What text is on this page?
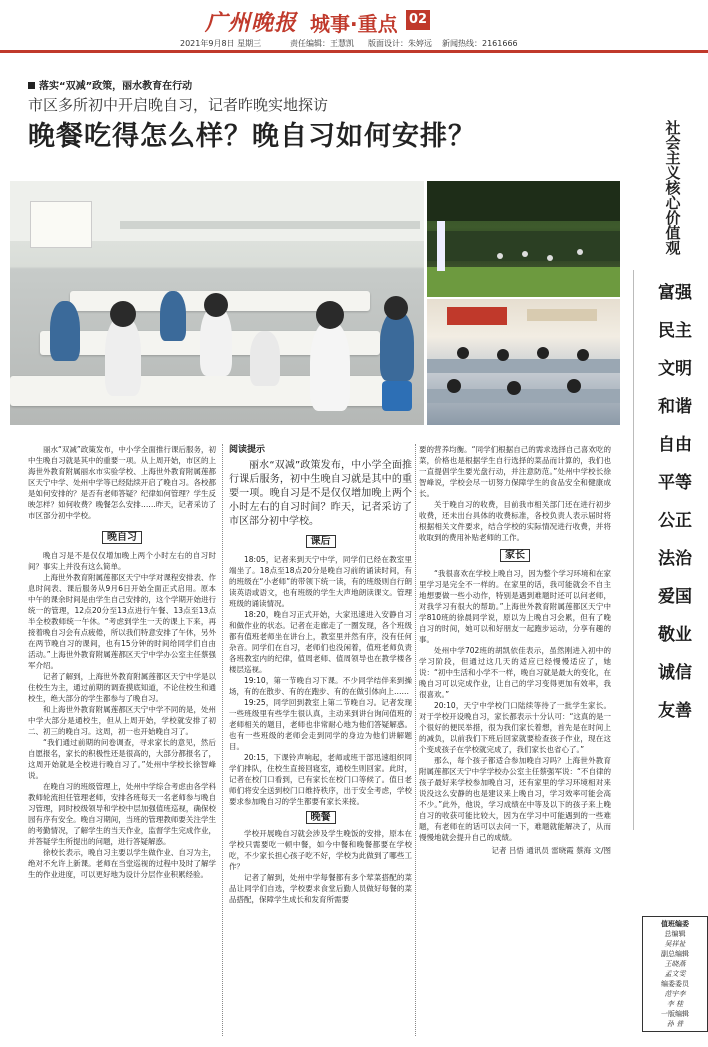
广州晚报 城事·重点 02
2021年9月8日 星期三	责任编辑：王慧凯 版面设计：朱婷远 新闻热线：2161666
落实“双减”政策，丽水教育在行动
市区多所初中开启晚自习，记者昨晚实地探访
晚餐吃得怎么样？晚自习如何安排？	社会主义核心价值观
富强
民主
文明
和谐
自由
平等
公正
法治
爱国
敬业
诚信
友善
值班编委
总编辑
吴祥祉
副总编辑
王晓燕
孟文雯
编委委员
范宇李
李 桂
一版编辑
孙 普

丽水“双减”政策发布，中小学全面推行课后服务，初中生晚自习就是其中的重要一项。从上周开始，市区的上海世外教育附属丽水市实验学校、上海世外教育附属莲都区天宁中学、处州中学等已经陆续开启了晚自习。各校都是如何安排的？是否有老师答疑？纪律如何管理？学生反映怎样？如何收费？晚餐怎么安排……昨天，记者采访了市区部分初中学校。

晚自习

晚自习是不是仅仅增加晚上两个小时左右的自习时间？事实上并没有这么简单。

上海世外教育附属莲都区天宁中学对课程安排表、作息时间表、课后服务从9月6日开始全面正式启用。原本中午的课余时间是由学生自己安排的，这个学期开始进行统一的管理，12点20分至13点进行午餐、13点至13点半全校教师统一午休。“考虑到学生一天的课上下来，再接着晚自习会有点疲倦，所以我们特意安排了午休，另外在两节晚自习的课间，也有15分钟的时间给同学们自由活动。”上海世外教育附属莲都区天宁中学办公室主任蔡强军介绍。

记者了解到，上海世外教育附属莲都区天宁中学是以住校生为主，通过前期的调查摸底知道，不论住校生和通校生，绝大部分的学生都参与了晚自习。

和上海世外教育附属莲都区天宁中学不同的是，处州中学大部分是通校生，但从上周开始，学校就安排了初二、初三的晚自习。这周，初一也开始晚自习了。

“我们通过前期的问卷调查，寻求家长的意见，然后自愿报名，家长的积极性还是很高的，大部分都报名了，这周开始就是全校进行晚自习了。”处州中学校长徐智峰说。

在晚自习的班级管理上，处州中学综合考虑由各学科教师轮流担任管理老师，安排各班每天一名老师参与晚自习管理，同时校级领导和学校中层加强值班巡视，确保校园有序有安全。晚自习期间，当班的管理教师要关注学生的考勤情况，了解学生的当天作业，监督学生完成作业，并答疑学生所提出的问题，进行答疑解惑。

徐校长表示，晚自习主要以学生做作业、自习为主，绝对不允许上新课。老师在当堂巡视的过程中及时了解学生的作业进度，可以更好地为设计分层作业积累经验。

阅读提示
丽水“双减”政策发布，中小学全面推行课后服务，初中生晚自习就是其中的重要一项。晚自习是不是仅仅增加晚上两个小时左右的自习时间？昨天，记者采访了市区部分初中学校。
课后

18:05，记者来到天宁中学，同学们已经在教室里端坐了。18点至18点20分是晚自习前的诵读时间，有的班级在“小老师”的带领下统一读，有的班级则自行朗读英语或语文，也有班级的学生大声地朗读课文。管理班级的诵读情况。

18:20，晚自习正式开始，大家迅速进入安静自习和做作业的状态。记者在走廊走了一圈发现，各个班级都有值班老师坐在讲台上，教室里并然有序，没有任何杂音。同学们在自习，老师们也没闲着，值班老师负责各班教室内的纪律，值周老师、值周领导也在教学楼各楼层巡视。

19:10，第一节晚自习下课。不少同学结伴来到操场，有的在散步、有的在跑步、有的在做引体向上……

19:25，同学回到教室上第二节晚自习。记者发现一些班级里有些学生很认真，主动来到讲台询问值班的老师相关的题目，老师也非常耐心地为他们答疑解惑。也有一些班级的老师会走到同学的身边为他们讲解题目。

20:15，下课铃声响起，老师或班干部迅速组织同学们排队，住校生直接回寝室，通校生则回家。此时，记者在校门口看到，已有家长在校门口等候了。值日老师们将安全送到校门口维持秩序，出于安全考虑，学校要求参加晚自习的学生都要有家长来接。

晚餐

学校开展晚自习就会涉及学生晚饭的安排，原本在学校只需要吃一顿中餐，如今中餐和晚餐都要在学校吃，不少家长担心孩子吃不好，学校为此做到了哪些工作？

记者了解到，处州中学每餐都有多个荤菜搭配的菜品让同学们自选，学校要求食堂后勤人员做好每餐的菜品搭配，保障学生成长和发育所需要

要的营养均衡。“同学们根据自己的需求选择自己喜欢吃的菜，价格也是根据学生自行选择的菜品而计算的，我们也一直提倡学生要光盘行动，并注意防范。”处州中学校长徐智峰说，学校会尽一切努力保障学生的食品安全和健康成长。

关于晚自习的收费，目前我市相关部门还在进行初步收费，还未出台具体的收费标准，各校负责人表示届时将根据相关文件要求，结合学校的实际情况进行收费，并将收取到的费用补贴老师的工作。

家长

“我很喜欢在学校上晚自习，因为整个学习环境和在家里学习是完全不一样的。在家里的话，我可能就会不自主地想要做一些小动作，特别是遇到难题时还可以问老师，对我学习有很大的帮助。”上海世外教育附属莲都区天宁中学810班的徐晨同学说，原以为上晚自习会累，但有了晚自习的时间，她可以和好朋友一起跑步运动，分享有趣的事。

处州中学702班的胡凯依佳表示，虽然刚进入初中的学习阶段，但通过这几天的适应已经慢慢适应了，她说：“初中生活和小学不一样，晚自习就是最大的变化，在晚自习可以完成作业，让自己的学习变得更加有效率，我很喜欢。”

20:10，天宁中学校门口陆续等待了一批学生家长。对于学校开设晚自习，家长都表示十分认可：“这真的是一个很好的便民举措，很为我们家长着想，首先是在时间上的减负，以前我们下班后回家就要检查孩子作业，现在这个变成孩子在学校就完成了，我们家长也省心了。”

那么，每个孩子都适合参加晚自习吗？上海世外教育附属莲都区天宁中学学校办公室主任蔡强军说：“不自律的孩子最好来学校参加晚自习，还有家里的学习环境相对来说没这么安静的也是建议来上晚自习，学习效率可能会高不少。”此外，他说，学习成绩在中等及以下的孩子来上晚自习的收获可能比较大，因为在学习中可能遇到的一些难题，有老师在的话可以去问一下，难题就能解决了，从而慢慢地就会提升自己的成绩。

记者 吕悟 通讯员 雷晓霞 蔡海 文/图
